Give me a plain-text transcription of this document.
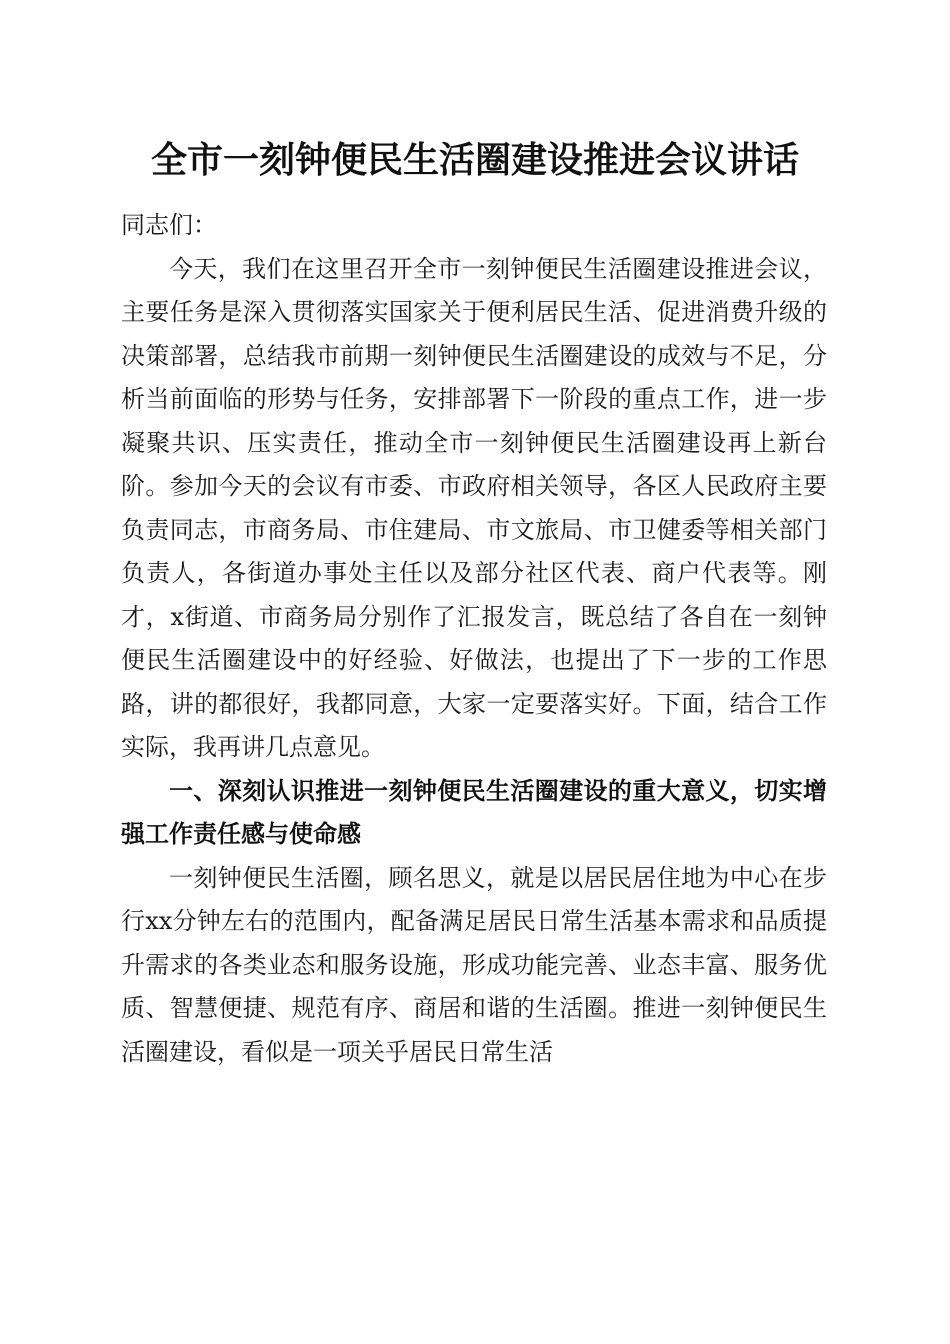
全市一刻钟便民生活圈建设推进会议讲话

同志们：

今天，我们在这里召开全市一刻钟便民生活圈建设推进会议，主要任务是深入贯彻落实国家关于便利居民生活、促进消费升级的决策部署，总结我市前期一刻钟便民生活圈建设的成效与不足，分析当前面临的形势与任务，安排部署下一阶段的重点工作，进一步凝聚共识、压实责任，推动全市一刻钟便民生活圈建设再上新台阶。参加今天的会议有市委、市政府相关领导，各区人民政府主要负责同志，市商务局、市住建局、市文旅局、市卫健委等相关部门负责人，各街道办事处主任以及部分社区代表、商户代表等。刚才，x街道、市商务局分别作了汇报发言，既总结了各自在一刻钟便民生活圈建设中的好经验、好做法，也提出了下一步的工作思路，讲的都很好，我都同意，大家一定要落实好。下面，结合工作实际，我再讲几点意见。

一、深刻认识推进一刻钟便民生活圈建设的重大意义，切实增强工作责任感与使命感

一刻钟便民生活圈，顾名思义，就是以居民居住地为中心在步行xx分钟左右的范围内，配备满足居民日常生活基本需求和品质提升需求的各类业态和服务设施，形成功能完善、业态丰富、服务优质、智慧便捷、规范有序、商居和谐的生活圈。推进一刻钟便民生活圈建设，看似是一项关乎居民日常生活
